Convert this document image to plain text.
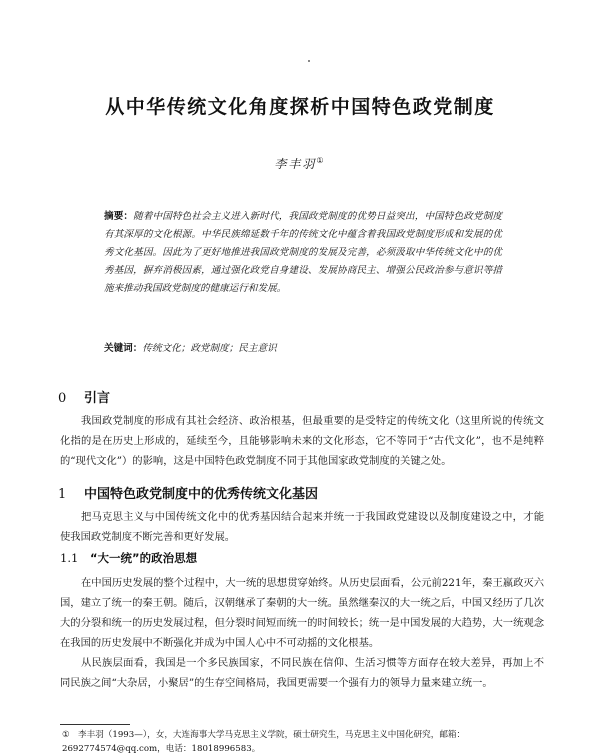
从中华传统文化角度探析中国特色政党制度
李丰羽①
摘要：随着中国特色社会主义进入新时代，我国政党制度的优势日益突出，中国特色政党制度有其深厚的文化根源。中华民族绵延数千年的传统文化中蕴含着我国政党制度形成和发展的优秀文化基因。因此为了更好地推进我国政党制度的发展及完善，必须汲取中华传统文化中的优秀基因，摒弃消极因素，通过强化政党自身建设、发展协商民主、增强公民政治参与意识等措施来推动我国政党制度的健康运行和发展。
关键词：传统文化；政党制度；民主意识
0 引言
我国政党制度的形成有其社会经济、政治根基，但最重要的是受特定的传统文化（这里所说的传统文化指的是在历史上形成的，延续至今，且能够影响未来的文化形态，它不等同于“古代文化”，也不是纯粹的“现代文化”）的影响，这是中国特色政党制度不同于其他国家政党制度的关键之处。
1 中国特色政党制度中的优秀传统文化基因
把马克思主义与中国传统文化中的优秀基因结合起来并统一于我国政党建设以及制度建设之中，才能使我国政党制度不断完善和更好发展。
1.1 “大一统”的政治思想
在中国历史发展的整个过程中，大一统的思想贯穿始终。从历史层面看，公元前221年，秦王嬴政灭六国，建立了统一的秦王朝。随后，汉朝继承了秦朝的大一统。虽然继秦汉的大一统之后，中国又经历了几次大的分裂和统一的历史发展过程，但分裂时间短而统一的时间较长；统一是中国发展的大趋势，大一统观念在我国的历史发展中不断强化并成为中国人心中不可动摇的文化根基。
从民族层面看，我国是一个多民族国家，不同民族在信仰、生活习惯等方面存在较大差异，再加上不同民族之间“大杂居，小聚居”的生存空间格局，我国更需要一个强有力的领导力量来建立统一。
① 李丰羽（1993—），女，大连海事大学马克思主义学院，硕士研究生，马克思主义中国化研究，邮箱：2692774574@qq.com，电话：18018996583。
